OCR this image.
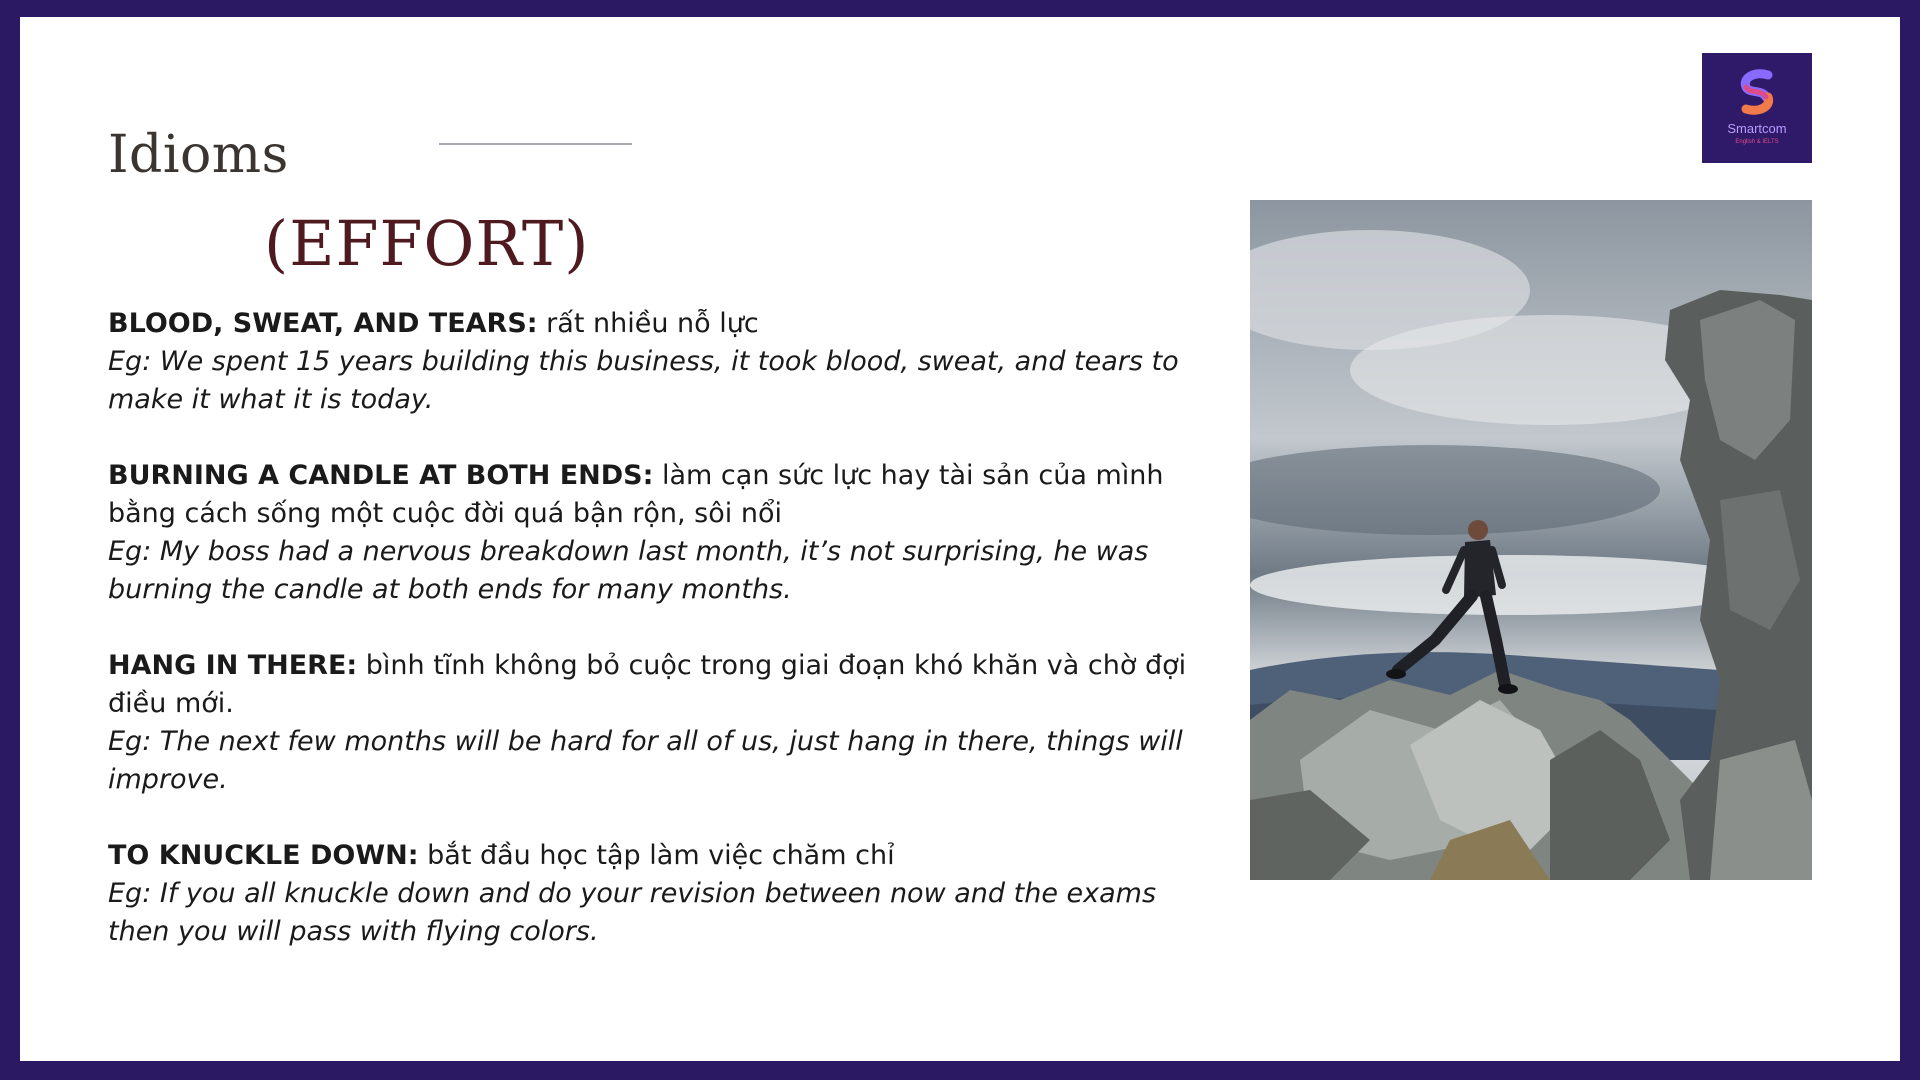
Idioms
(EFFORT)
BLOOD, SWEAT, AND TEARS: rất nhiều nỗ lực
Eg: We spent 15 years building this business, it took blood, sweat, and tears to make it what it is today.
BURNING A CANDLE AT BOTH ENDS: làm cạn sức lực hay tài sản của mình bằng cách sống một cuộc đời quá bận rộn, sôi nổi
Eg: My boss had a nervous breakdown last month, it’s not surprising, he was burning the candle at both ends for many months.
HANG IN THERE: bình tĩnh không bỏ cuộc trong giai đoạn khó khăn và chờ đợi điều mới.
Eg: The next few months will be hard for all of us, just hang in there, things will improve.
TO KNUCKLE DOWN: bắt đầu học tập làm việc chăm chỉ
Eg: If you all knuckle down and do your revision between now and the exams then you will pass with flying colors.
Smartcom
English & IELTS
